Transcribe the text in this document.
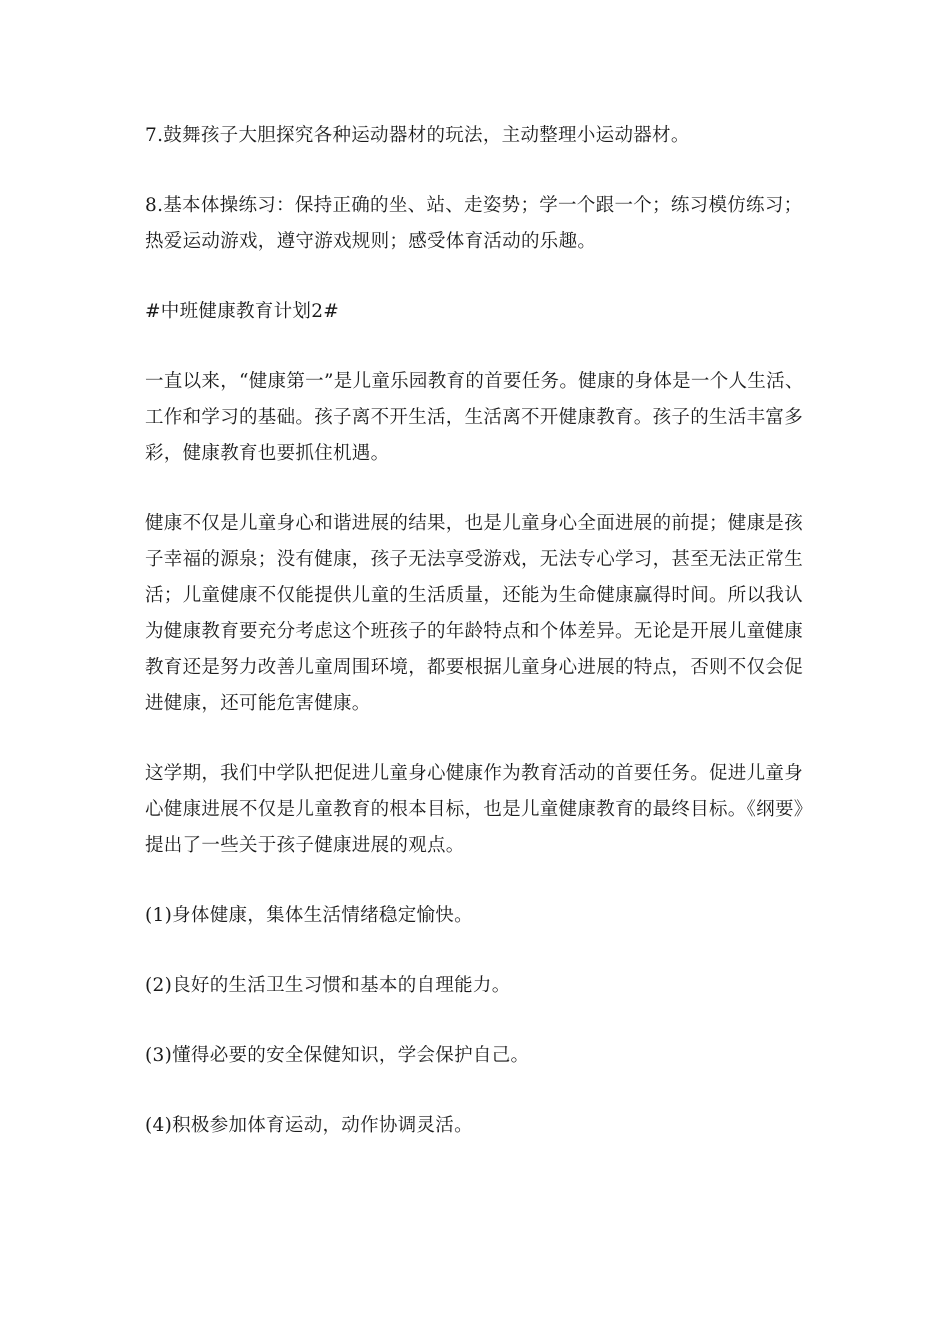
7.鼓舞孩子大胆探究各种运动器材的玩法，主动整理小运动器材。

8.基本体操练习：保持正确的坐、站、走姿势；学一个跟一个；练习模仿练习；热爱运动游戏，遵守游戏规则；感受体育活动的乐趣。

#中班健康教育计划2#

一直以来，“健康第一”是儿童乐园教育的首要任务。健康的身体是一个人生活、工作和学习的基础。孩子离不开生活，生活离不开健康教育。孩子的生活丰富多彩，健康教育也要抓住机遇。

健康不仅是儿童身心和谐进展的结果，也是儿童身心全面进展的前提；健康是孩子幸福的源泉；没有健康，孩子无法享受游戏，无法专心学习，甚至无法正常生活；儿童健康不仅能提供儿童的生活质量，还能为生命健康赢得时间。所以我认为健康教育要充分考虑这个班孩子的年龄特点和个体差异。无论是开展儿童健康教育还是努力改善儿童周围环境，都要根据儿童身心进展的特点，否则不仅会促进健康，还可能危害健康。

这学期，我们中学队把促进儿童身心健康作为教育活动的首要任务。促进儿童身心健康进展不仅是儿童教育的根本目标，也是儿童健康教育的最终目标。《纲要》提出了一些关于孩子健康进展的观点。

(1)身体健康，集体生活情绪稳定愉快。

(2)良好的生活卫生习惯和基本的自理能力。

(3)懂得必要的安全保健知识，学会保护自己。

(4)积极参加体育运动，动作协调灵活。
